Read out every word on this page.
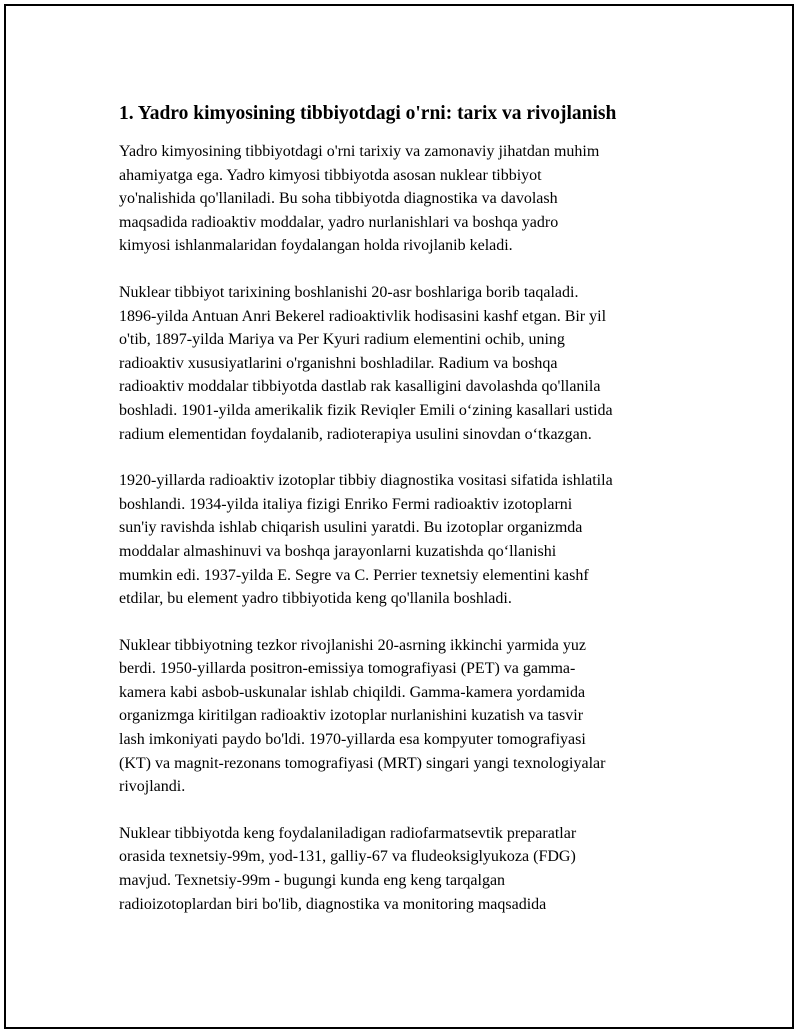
1. Yadro kimyosining tibbiyotdagi o'rni: tarix va rivojlanish

Yadro kimyosining tibbiyotdagi o'rni tarixiy va zamonaviy jihatdan muhim
ahamiyatga ega. Yadro kimyosi tibbiyotda asosan nuklear tibbiyot
yo'nalishida qo'llaniladi. Bu soha tibbiyotda diagnostika va davolash
maqsadida radioaktiv moddalar, yadro nurlanishlari va boshqa yadro
kimyosi ishlanmalaridan foydalangan holda rivojlanib keladi.

Nuklear tibbiyot tarixining boshlanishi 20-asr boshlariga borib taqaladi.
1896-yilda Antuan Anri Bekerel radioaktivlik hodisasini kashf etgan. Bir yil
o'tib, 1897-yilda Mariya va Per Kyuri radium elementini ochib, uning
radioaktiv xususiyatlarini o'rganishni boshladilar. Radium va boshqa
radioaktiv moddalar tibbiyotda dastlab rak kasalligini davolashda qo'llanila
boshladi. 1901-yilda amerikalik fizik Reviqler Emili o‘zining kasallari ustida
radium elementidan foydalanib, radioterapiya usulini sinovdan o‘tkazgan.

1920-yillarda radioaktiv izotoplar tibbiy diagnostika vositasi sifatida ishlatila
boshlandi. 1934-yilda italiya fizigi Enriko Fermi radioaktiv izotoplarni
sun'iy ravishda ishlab chiqarish usulini yaratdi. Bu izotoplar organizmda
moddalar almashinuvi va boshqa jarayonlarni kuzatishda qo‘llanishi
mumkin edi. 1937-yilda E. Segre va C. Perrier texnetsiy elementini kashf
etdilar, bu element yadro tibbiyotida keng qo'llanila boshladi.

Nuklear tibbiyotning tezkor rivojlanishi 20-asrning ikkinchi yarmida yuz
berdi. 1950-yillarda positron-emissiya tomografiyasi (PET) va gamma-
kamera kabi asbob-uskunalar ishlab chiqildi. Gamma-kamera yordamida
organizmga kiritilgan radioaktiv izotoplar nurlanishini kuzatish va tasvir
lash imkoniyati paydo bo'ldi. 1970-yillarda esa kompyuter tomografiyasi
(KT) va magnit-rezonans tomografiyasi (MRT) singari yangi texnologiyalar
rivojlandi.

Nuklear tibbiyotda keng foydalaniladigan radiofarmatsevtik preparatlar
orasida texnetsiy-99m, yod-131, galliy-67 va fludeoksiglyukoza (FDG)
mavjud. Texnetsiy-99m - bugungi kunda eng keng tarqalgan
radioizotoplardan biri bo'lib, diagnostika va monitoring maqsadida
